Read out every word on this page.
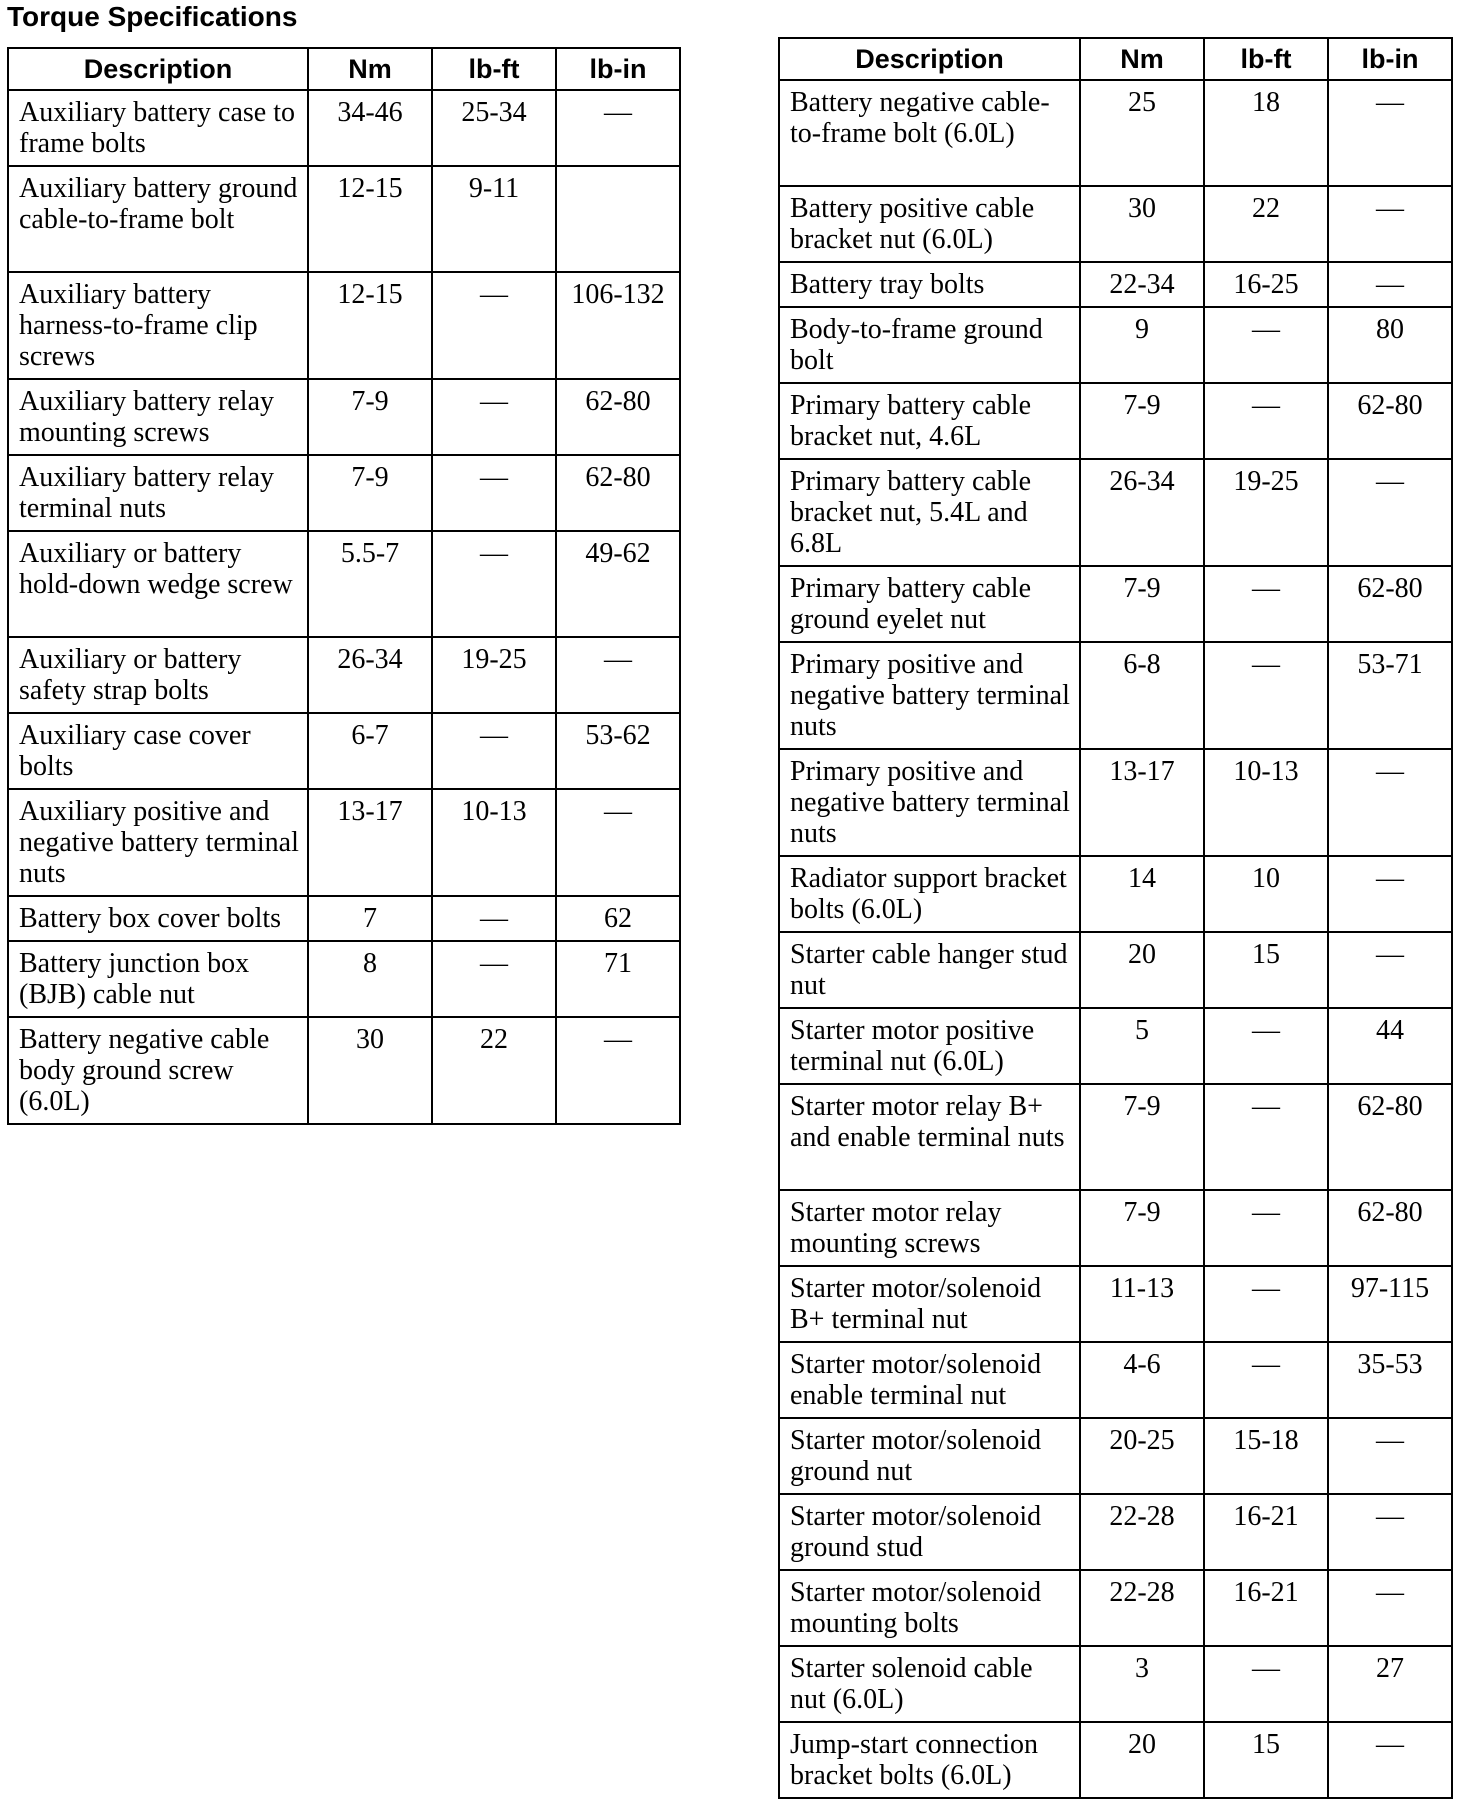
Torque Specifications
Description	Nm	lb-ft	lb-in
Auxiliary battery case to frame bolts	34-46	25-34	—
Auxiliary battery ground cable-to-frame bolt	12-15	9-11	
Auxiliary battery harness-to-frame clip screws	12-15	—	106-132
Auxiliary battery relay mounting screws	7-9	—	62-80
Auxiliary battery relay terminal nuts	7-9	—	62-80
Auxiliary or battery hold-down wedge screw	5.5-7	—	49-62
Auxiliary or battery safety strap bolts	26-34	19-25	—
Auxiliary case cover bolts	6-7	—	53-62
Auxiliary positive and negative battery terminal nuts	13-17	10-13	—
Battery box cover bolts	7	—	62
Battery junction box (BJB) cable nut	8	—	71
Battery negative cable body ground screw (6.0L)	30	22	—
Description	Nm	lb-ft	lb-in
Battery negative cable-to-frame bolt (6.0L)	25	18	—
Battery positive cable bracket nut (6.0L)	30	22	—
Battery tray bolts	22-34	16-25	—
Body-to-frame ground bolt	9	—	80
Primary battery cable bracket nut, 4.6L	7-9	—	62-80
Primary battery cable bracket nut, 5.4L and 6.8L	26-34	19-25	—
Primary battery cable ground eyelet nut	7-9	—	62-80
Primary positive and negative battery terminal nuts	6-8	—	53-71
Primary positive and negative battery terminal nuts	13-17	10-13	—
Radiator support bracket bolts (6.0L)	14	10	—
Starter cable hanger stud nut	20	15	—
Starter motor positive terminal nut (6.0L)	5	—	44
Starter motor relay B+ and enable terminal nuts	7-9	—	62-80
Starter motor relay mounting screws	7-9	—	62-80
Starter motor/solenoid B+ terminal nut	11-13	—	97-115
Starter motor/solenoid enable terminal nut	4-6	—	35-53
Starter motor/solenoid ground nut	20-25	15-18	—
Starter motor/solenoid ground stud	22-28	16-21	—
Starter motor/solenoid mounting bolts	22-28	16-21	—
Starter solenoid cable nut (6.0L)	3	—	27
Jump-start connection bracket bolts (6.0L)	20	15	—
